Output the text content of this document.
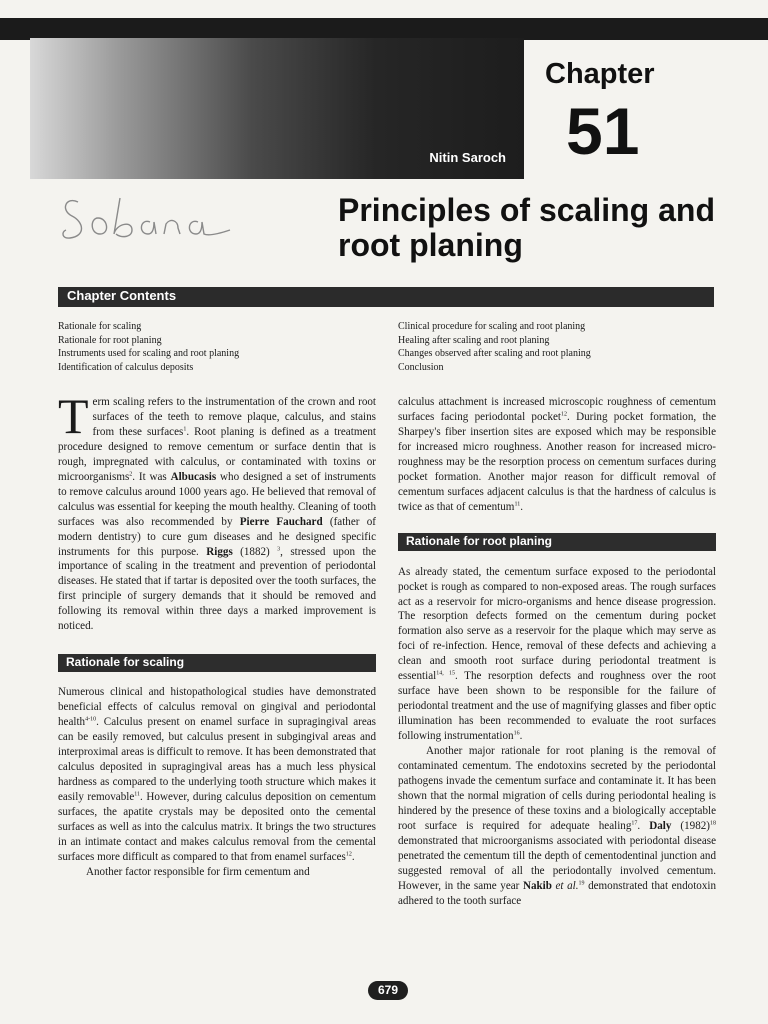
Nitin Saroch
Chapter
51
Principles of scaling and root planing
Chapter Contents
Rationale for scaling
Rationale for root planing
Instruments used for scaling and root planing
Identification of calculus deposits
Clinical procedure for scaling and root planing
Healing after scaling and root planing
Changes observed after scaling and root planing
Conclusion

Term scaling refers to the instrumentation of the crown and root surfaces of the teeth to remove plaque, calculus, and stains from these surfaces$^1$. Root planing is defined as a treatment procedure designed to remove cementum or surface dentin that is rough, impregnated with calculus, or contaminated with toxins or microorganisms$^2$. It was Albucasis who designed a set of instruments to remove calculus around 1000 years ago. He believed that removal of calculus was essential for keeping the mouth healthy. Cleaning of tooth surfaces was also recommended by Pierre Fauchard (father of modern dentistry) to cure gum diseases and he designed specific instruments for this purpose. Riggs (1882) $^3$, stressed upon the importance of scaling in the treatment and prevention of periodontal diseases. He stated that if tartar is deposited over the tooth surfaces, the first principle of surgery demands that it should be removed and following its removal within three days a marked improvement is noticed.

Rationale for scaling

Numerous clinical and histopathological studies have demonstrated beneficial effects of calculus removal on gingival and periodontal health$^{4-10}$. Calculus present on enamel surface in supragingival areas can be easily removed, but calculus present in subgingival areas and interproximal areas is difficult to remove. It has been demonstrated that calculus deposited in supragingival areas has a much less physical hardness as compared to the underlying tooth structure which makes it easily removable$^{11}$. However, during calculus deposition on cementum surfaces, the apatite crystals may be deposited onto the cemental surfaces as well as into the calculus matrix. It brings the two structures in an intimate contact and makes calculus removal from the cemental surfaces more difficult as compared to that from enamel surfaces$^{12}$.

Another factor responsible for firm cementum and

calculus attachment is increased microscopic roughness of cementum surfaces facing periodontal pocket$^{12}$. During pocket formation, the Sharpey's fiber insertion sites are exposed which may be responsible for increased micro roughness. Another reason for increased micro-roughness may be the resorption process on cementum surfaces during pocket formation. Another major reason for difficult removal of cementum surfaces adjacent calculus is that the hardness of calculus is twice as that of cementum$^{11}$.

Rationale for root planing

As already stated, the cementum surface exposed to the periodontal pocket is rough as compared to non-exposed areas. The rough surfaces act as a reservoir for micro-organisms and hence disease progression. The resorption defects formed on the cementum during pocket formation also serve as a reservoir for the plaque which may serve as foci of re-infection. Hence, removal of these defects and achieving a clean and smooth root surface during periodontal treatment is essential$^{14, 15}$. The resorption defects and roughness over the root surface have been shown to be responsible for the failure of periodontal treatment and the use of magnifying glasses and fiber optic illumination has been recommended to evaluate the root surfaces following instrumentation$^{16}$.

Another major rationale for root planing is the removal of contaminated cementum. The endotoxins secreted by the periodontal pathogens invade the cementum surface and contaminate it. It has been shown that the normal migration of cells during periodontal healing is hindered by the presence of these toxins and a biologically acceptable root surface is required for adequate healing$^{17}$. Daly $(1982)^{18}$ demonstrated that microorganisms associated with periodontal disease penetrated the cementum till the depth of cementodentinal junction and suggested removal of all the periodontally involved cementum. However, in the same year Nakib et al.$^{19}$ demonstrated that endotoxin adhered to the tooth surface

679
